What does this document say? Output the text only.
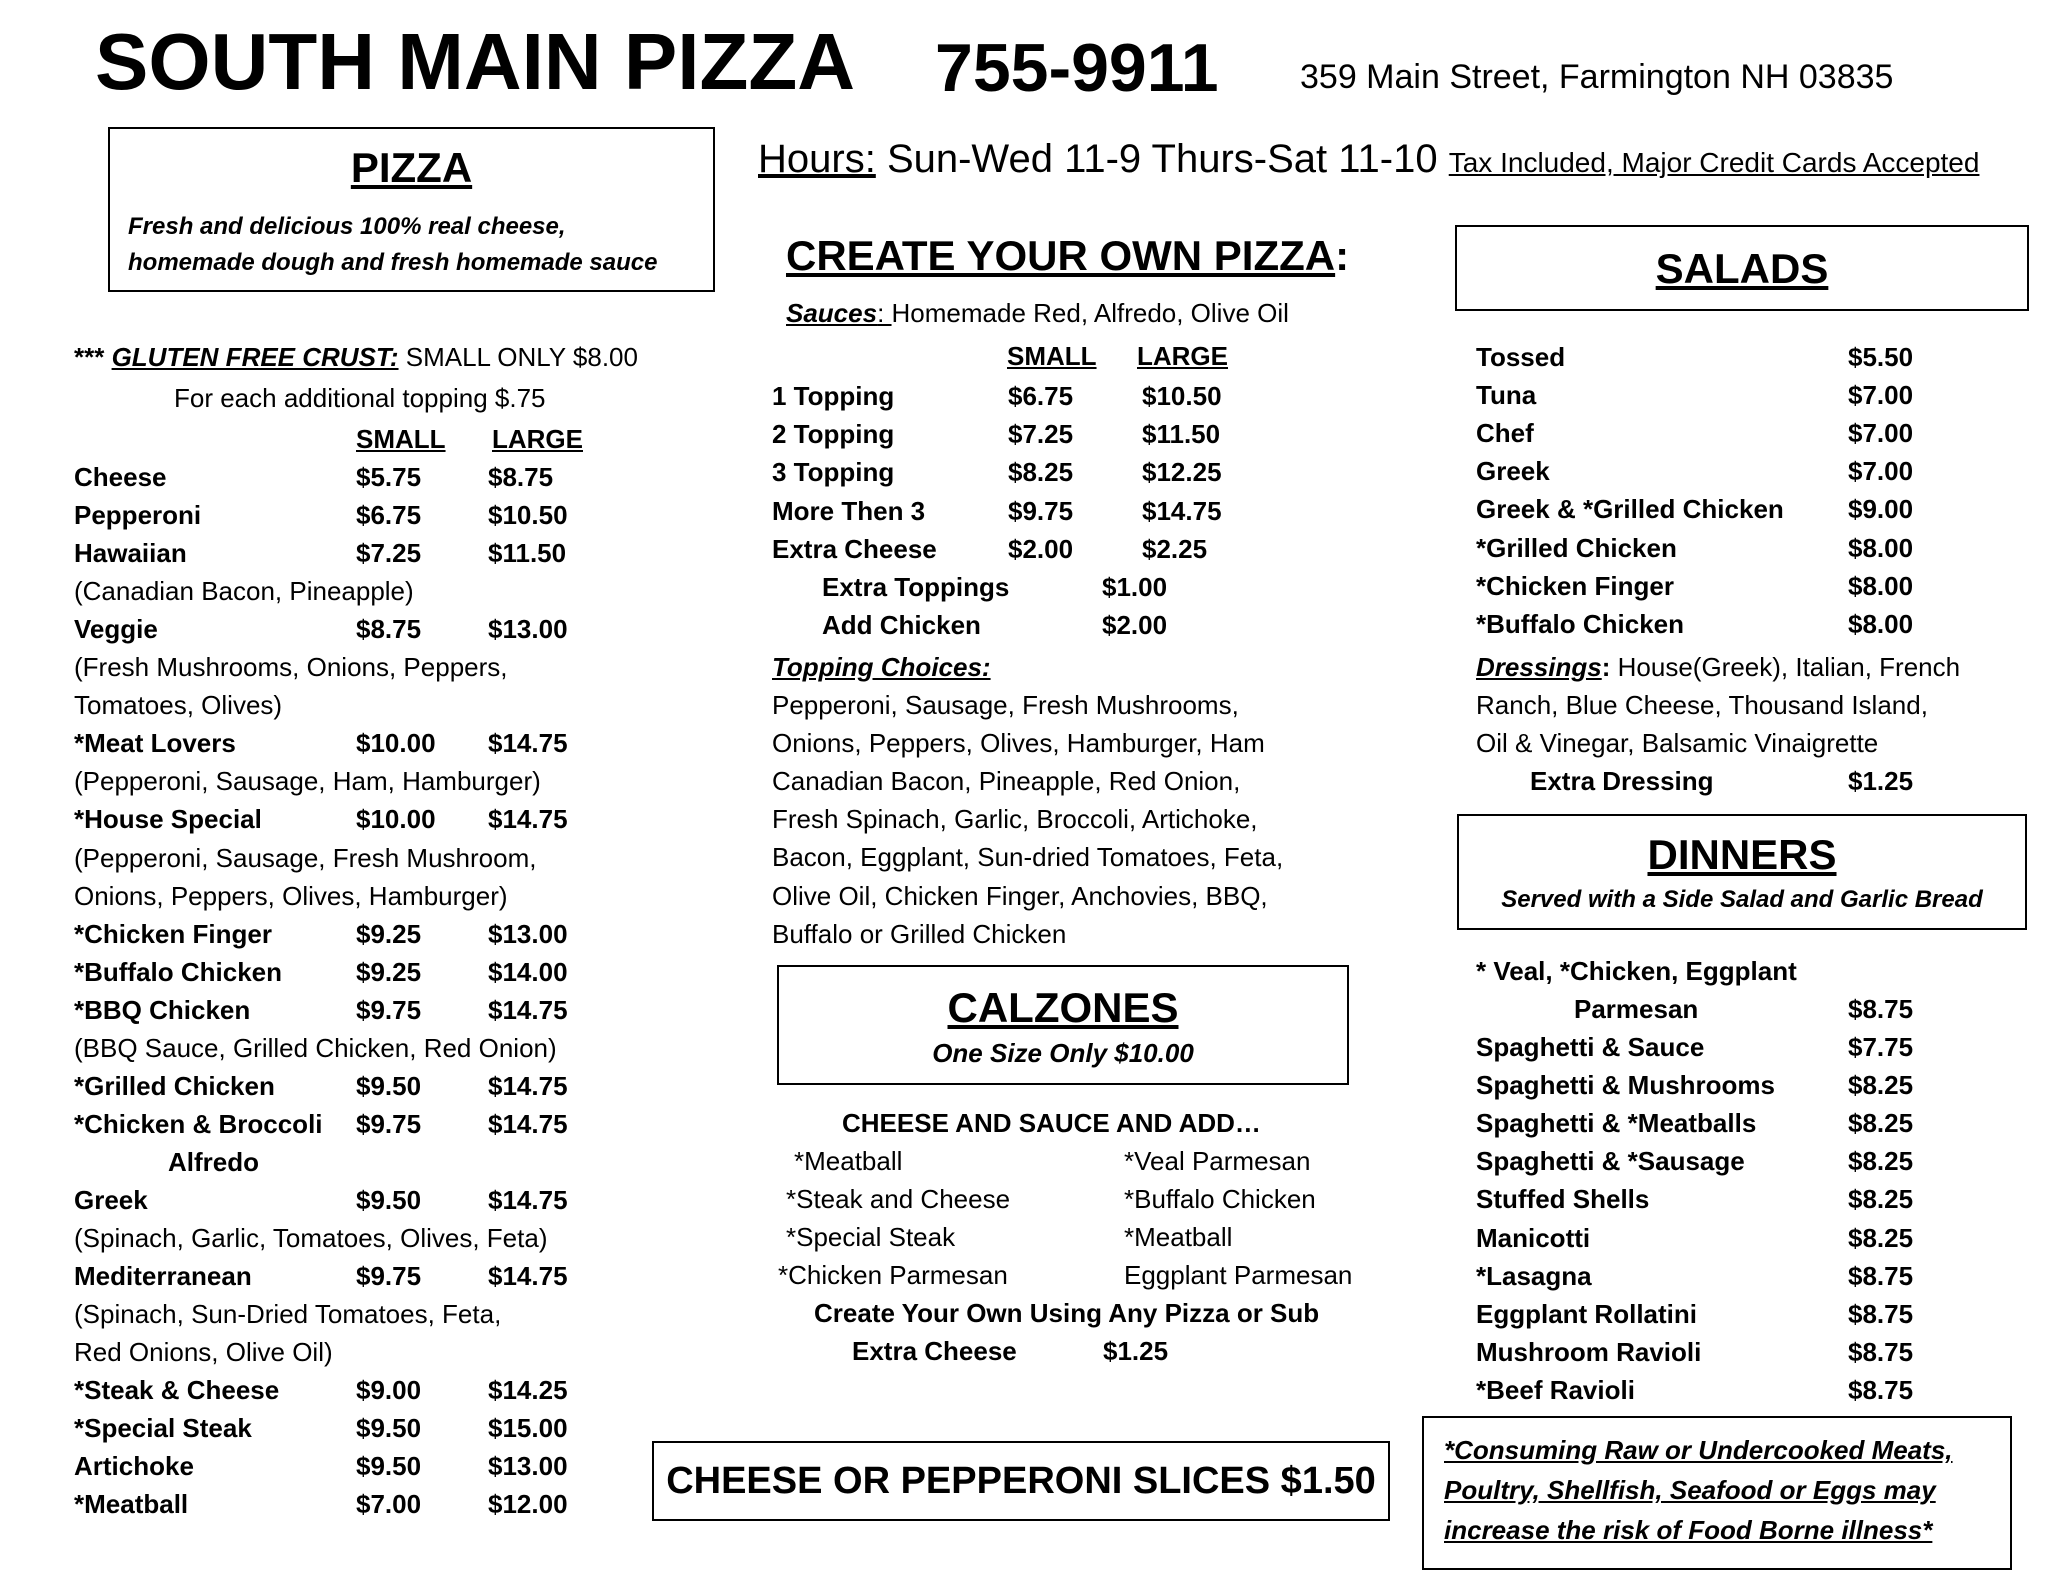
SOUTH MAIN PIZZA 755-9911 359 Main Street, Farmington NH 03835
Hours: Sun-Wed 11-9 Thurs-Sat 11-10 Tax Included, Major Credit Cards Accepted
PIZZA
Fresh and delicious 100% real cheese,
homemade dough and fresh homemade sauce
*** GLUTEN FREE CRUST: SMALL ONLY $8.00
For each additional topping $.75
SMALL LARGE
Cheese	$5.75	$8.75
Pepperoni	$6.75	$10.50
Hawaiian	$7.25	$11.50
(Canadian Bacon, Pineapple)
Veggie	$8.75	$13.00
(Fresh Mushrooms, Onions, Peppers,
Tomatoes, Olives)
*Meat Lovers	$10.00 $14.75
(Pepperoni, Sausage, Ham, Hamburger)
*House Special	$10.00 $14.75
(Pepperoni, Sausage, Fresh Mushroom,
Onions, Peppers, Olives, Hamburger)
*Chicken Finger	$9.25	$13.00
*Buffalo Chicken	$9.25	$14.00
*BBQ Chicken	$9.75	$14.75
(BBQ Sauce, Grilled Chicken, Red Onion)
*Grilled Chicken	$9.50	$14.75
*Chicken & Broccoli $9.75	$14.75
Alfredo
Greek	$9.50	$14.75
(Spinach, Garlic, Tomatoes, Olives, Feta)
Mediterranean	$9.75	$14.75
(Spinach, Sun-Dried Tomatoes, Feta,
Red Onions, Olive Oil)
*Steak & Cheese	$9.00	$14.25
*Special Steak	$9.50	$15.00
Artichoke	$9.50	$13.00
*Meatball	$7.00	$12.00
CREATE YOUR OWN PIZZA:
Sauces: Homemade Red, Alfredo, Olive Oil
SMALL LARGE
1 Topping	$6.75	$10.50
2 Topping	$7.25	$11.50
3 Topping	$8.25	$12.25
More Then 3	$9.75	$14.75
Extra Cheese	$2.00	$2.25
Extra Toppings	$1.00
Add Chicken	$2.00
Topping Choices:
Pepperoni, Sausage, Fresh Mushrooms,
Onions, Peppers, Olives, Hamburger, Ham
Canadian Bacon, Pineapple, Red Onion,
Fresh Spinach, Garlic, Broccoli, Artichoke,
Bacon, Eggplant, Sun-dried Tomatoes, Feta,
Olive Oil, Chicken Finger, Anchovies, BBQ,
Buffalo or Grilled Chicken
CALZONES
One Size Only $10.00
CHEESE AND SAUCE AND ADD…
*Meatball	*Veal Parmesan
*Steak and Cheese	*Buffalo Chicken
*Special Steak	*Meatball
*Chicken Parmesan	Eggplant Parmesan
Create Your Own Using Any Pizza or Sub
Extra Cheese	$1.25
CHEESE OR PEPPERONI SLICES $1.50
SALADS
Tossed	$5.50
Tuna	$7.00
Chef	$7.00
Greek	$7.00
Greek & *Grilled Chicken $9.00
*Grilled Chicken	$8.00
*Chicken Finger	$8.00
*Buffalo Chicken	$8.00
Dressings: House(Greek), Italian, French
Ranch, Blue Cheese, Thousand Island,
Oil & Vinegar, Balsamic Vinaigrette
Extra Dressing	$1.25
DINNERS
Served with a Side Salad and Garlic Bread
* Veal, *Chicken, Eggplant
Parmesan	$8.75
Spaghetti & Sauce	$7.75
Spaghetti & Mushrooms	$8.25
Spaghetti & *Meatballs	$8.25
Spaghetti & *Sausage	$8.25
Stuffed Shells	$8.25
Manicotti	$8.25
*Lasagna	$8.75
Eggplant Rollatini	$8.75
Mushroom Ravioli	$8.75
*Beef Ravioli	$8.75
*Consuming Raw or Undercooked Meats,
Poultry, Shellfish, Seafood or Eggs may
increase the risk of Food Borne illness*
